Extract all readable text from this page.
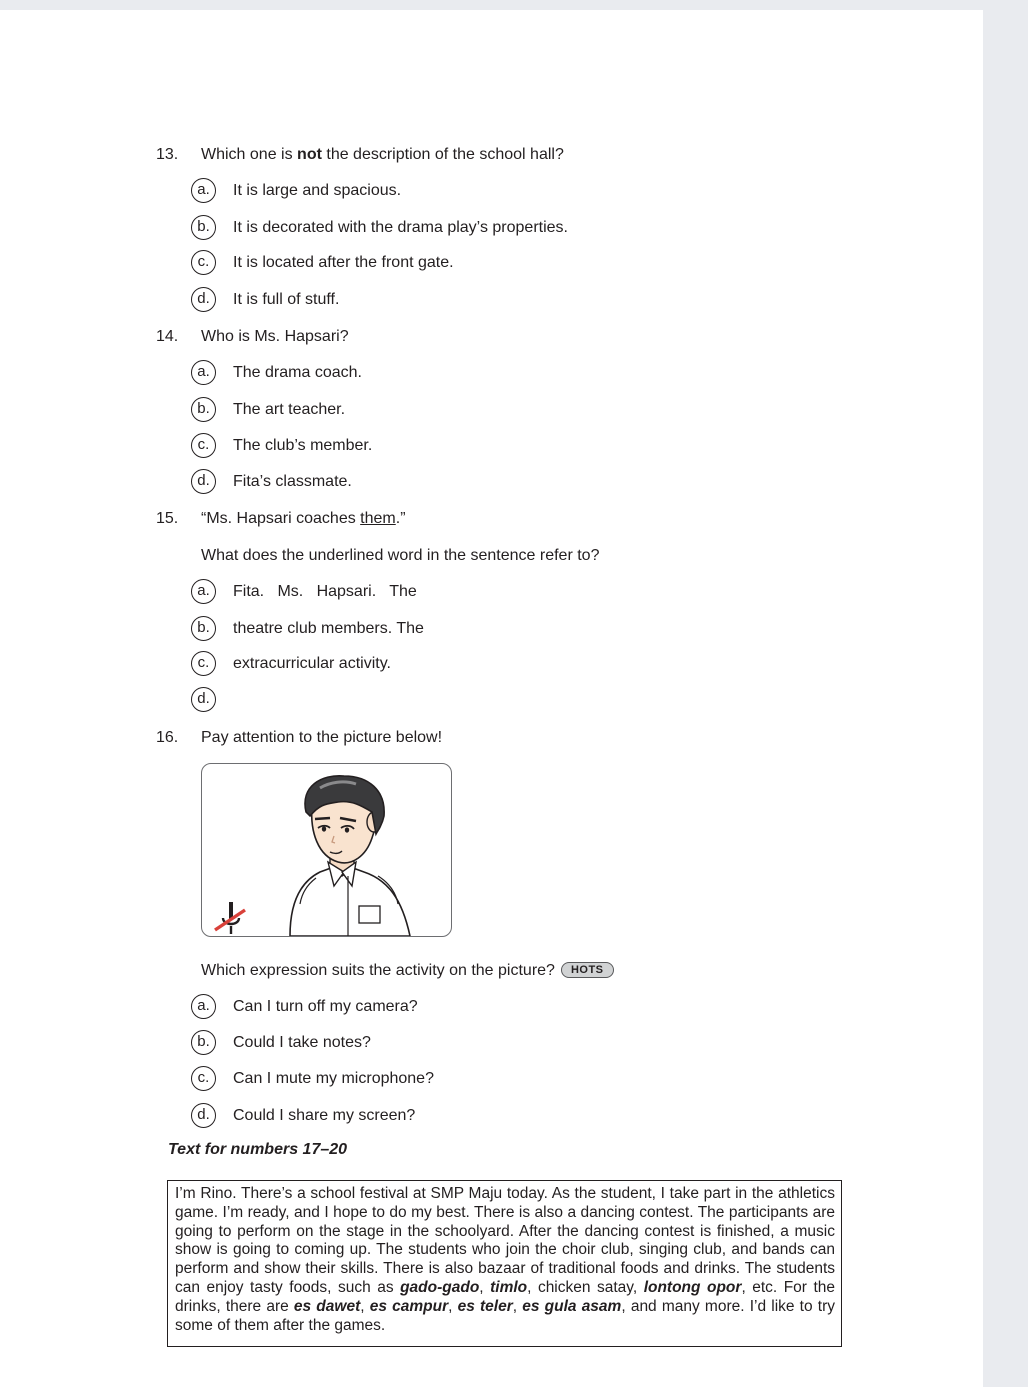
13. Which one is not the description of the school hall?
a.	It is large and spacious.
b.	It is decorated with the drama play’s properties.
c.	It is located after the front gate.
d.	It is full of stuff.
14. Who is Ms. Hapsari?
a.	The drama coach.
b.	The art teacher.
c.	The club’s member.
d.	Fita’s classmate.
15. “Ms. Hapsari coaches them.”
What does the underlined word in the sentence refer to?
a.	Fita.   Ms.   Hapsari.   The
b.	theatre club members. The
c.	extracurricular activity.
d.
16. Pay attention to the picture below!
Which expression suits the activity on the picture? HOTS
a.	Can I turn off my camera?
b.	Could I take notes?
c.	Can I mute my microphone?
d.	Could I share my screen?
Text for numbers 17–20
I’m Rino. There’s a school festival at SMP Maju today. As the student, I take part in the athletics game. I’m ready, and I hope to do my best. There is also a dancing contest. The participants are going to perform on the stage in the schoolyard. After the dancing contest is finished, a music show is going to coming up. The students who join the choir club, singing club, and bands can perform and show their skills. There is also bazaar of traditional foods and drinks. The students can enjoy tasty foods, such as gado-gado, timlo, chicken satay, lontong opor, etc. For the drinks, there are es dawet, es campur, es teler, es gula asam, and many more. I’d like to try some of them after the games.
